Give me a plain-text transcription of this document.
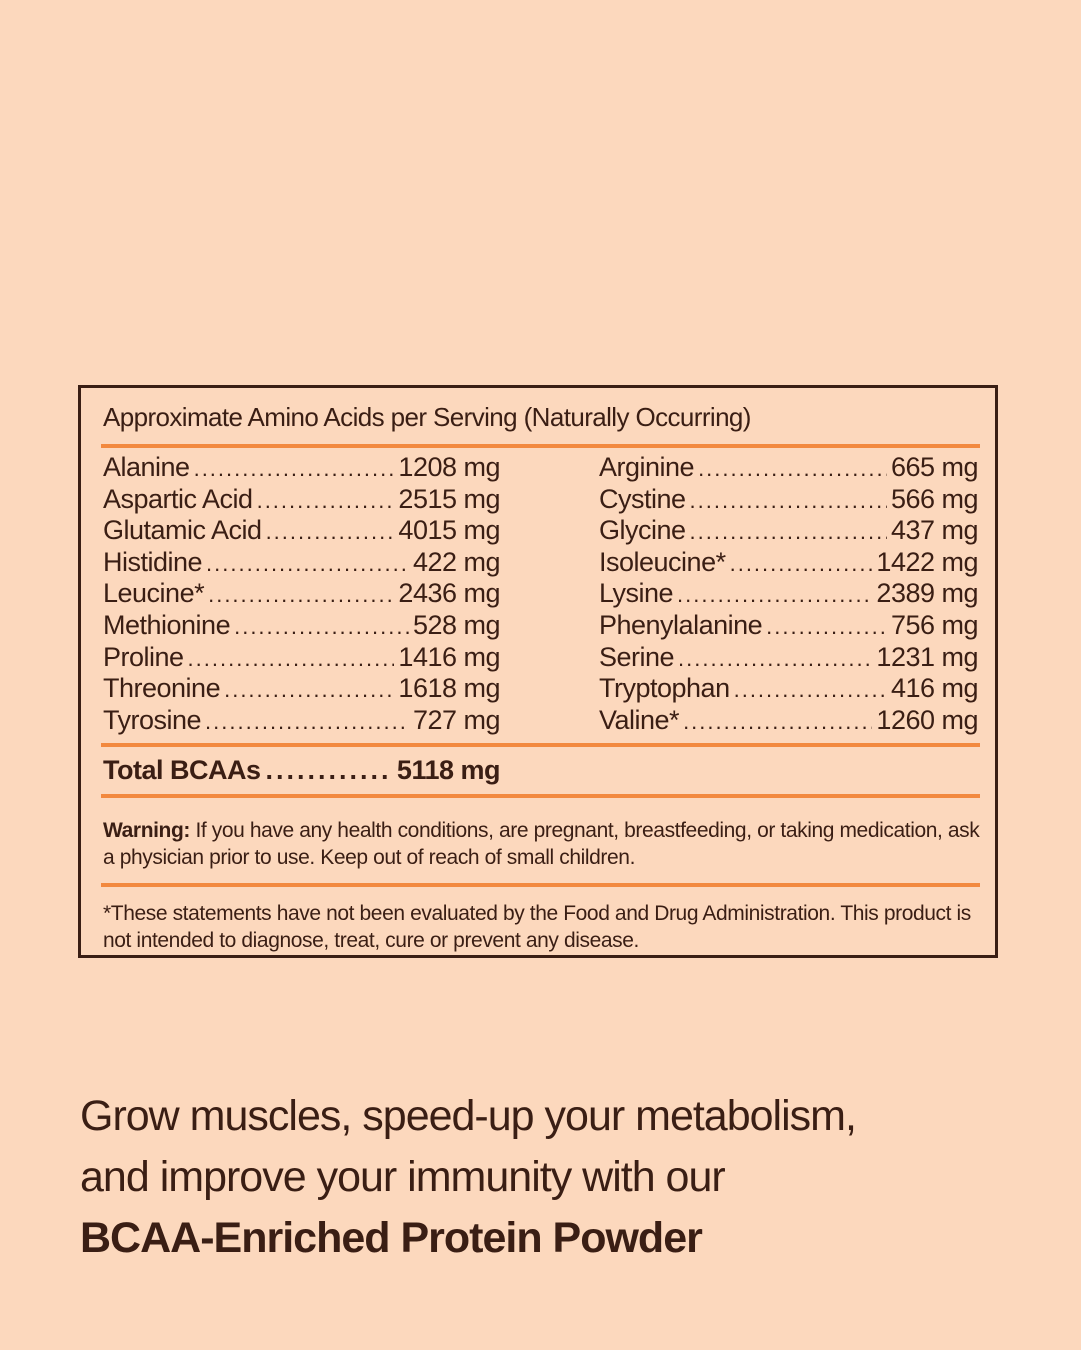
Approximate Amino Acids per Serving (Naturally Occurring)
Alanine .....	1208 mg
Aspartic Acid .....	2515 mg
Glutamic Acid .....	4015 mg
Histidine .....	422 mg
Leucine* .....	2436 mg
Methionine .....	528 mg
Proline .....	1416 mg
Threonine .....	1618 mg
Tyrosine .....	727 mg
Arginine .....	665 mg
Cystine .....	566 mg
Glycine .....	437 mg
Isoleucine* .....	1422 mg
Lysine .....	2389 mg
Phenylalanine .....	756 mg
Serine .....	1231 mg
Tryptophan .....	416 mg
Valine* .....	1260 mg
Total BCAAs .....	5118 mg
Warning: If you have any health conditions, are pregnant, breastfeeding, or taking medication, ask a physician prior to use. Keep out of reach of small children.
*These statements have not been evaluated by the Food and Drug Administration. This product is not intended to diagnose, treat, cure or prevent any disease.
Grow muscles, speed-up your metabolism,
and improve your immunity with our
BCAA-Enriched Protein Powder
